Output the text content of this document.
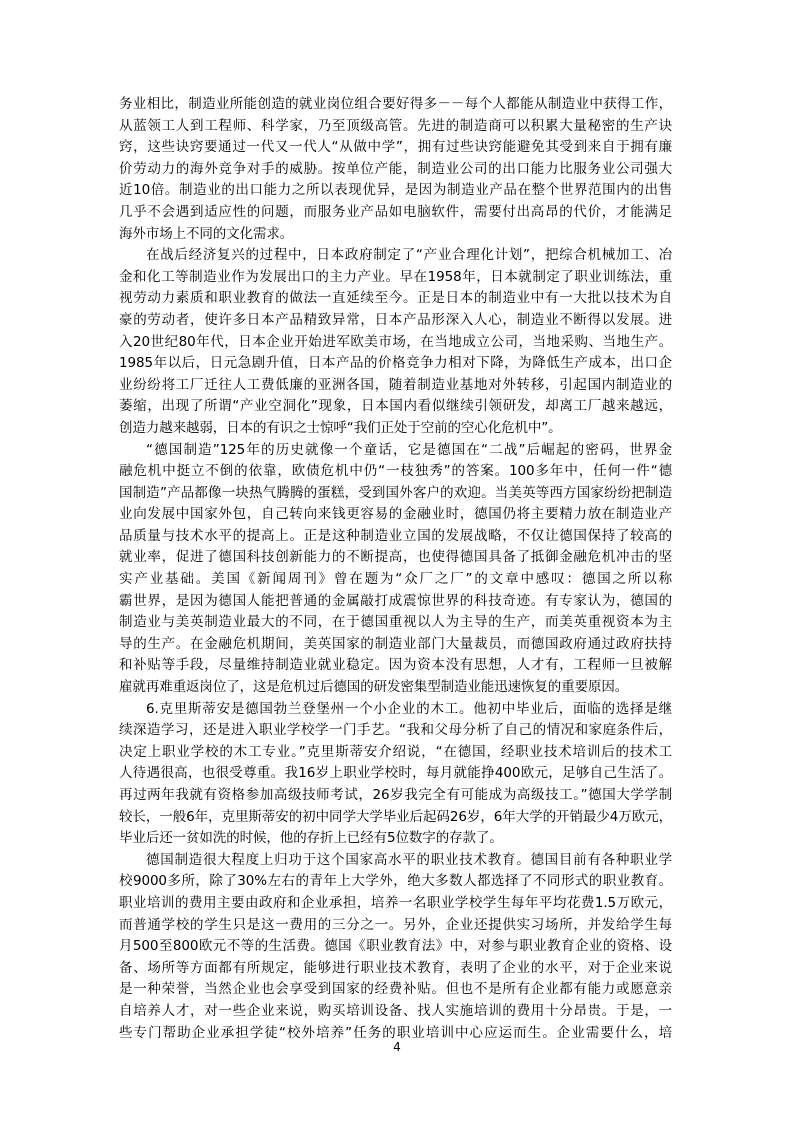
务业相比，制造业所能创造的就业岗位组合要好得多－－每个人都能从制造业中获得工作，
从蓝领工人到工程师、科学家，乃至顶级高管。先进的制造商可以积累大量秘密的生产诀
窍，这些诀窍要通过一代又一代人“从做中学”，拥有过些诀窍能避免其受到来自于拥有廉
价劳动力的海外竞争对手的威胁。按单位产能，制造业公司的出口能力比服务业公司强大
近10倍。制造业的出口能力之所以表现优异，是因为制造业产品在整个世界范围内的出售
几乎不会遇到适应性的问题，而服务业产品如电脑软件，需要付出高昂的代价，才能满足
海外市场上不同的文化需求。
在战后经济复兴的过程中，日本政府制定了“产业合理化计划”，把综合机械加工、冶
金和化工等制造业作为发展出口的主力产业。早在1958年，日本就制定了职业训练法，重
视劳动力素质和职业教育的做法一直延续至今。正是日本的制造业中有一大批以技术为自
豪的劳动者，使许多日本产品精致异常，日本产品形深入人心，制造业不断得以发展。进
入20世纪80年代，日本企业开始进军欧美市场，在当地成立公司，当地采购、当地生产。
1985年以后，日元急剧升值，日本产品的价格竞争力相对下降，为降低生产成本，出口企
业纷纷将工厂迁往人工费低廉的亚洲各国，随着制造业基地对外转移，引起国内制造业的
萎缩，出现了所谓“产业空洞化”现象，日本国内看似继续引领研发，却离工厂越来越远，
创造力越来越弱，日本的有识之士惊呼“我们正处于空前的空心化危机中”。
“德国制造”125年的历史就像一个童话，它是德国在“二战”后崛起的密码，世界金
融危机中挺立不倒的依靠，欧债危机中仍“一枝独秀”的答案。100多年中，任何一件“德
国制造”产品都像一块热气腾腾的蛋糕，受到国外客户的欢迎。当美英等西方国家纷纷把制造
业向发展中国家外包，自己转向来钱更容易的金融业时，德国仍将主要精力放在制造业产
品质量与技术水平的提高上。正是这种制造业立国的发展战略，不仅让德国保持了较高的
就业率，促进了德国科技创新能力的不断提高，也使得德国具备了抵御金融危机冲击的坚
实产业基础。美国《新闻周刊》曾在题为“众厂之厂”的文章中感叹：德国之所以称
霸世界，是因为德国人能把普通的金属敲打成震惊世界的科技奇迹。有专家认为，德国的
制造业与美英制造业最大的不同，在于德国重视以人为主导的生产，而美英重视资本为主
导的生产。在金融危机期间，美英国家的制造业部门大量裁员，而德国政府通过政府扶持
和补贴等手段，尽量维持制造业就业稳定。因为资本没有思想，人才有，工程师一旦被解
雇就再难重返岗位了，这是危机过后德国的研发密集型制造业能迅速恢复的重要原因。
6.克里斯蒂安是德国勃兰登堡州一个小企业的木工。他初中毕业后，面临的选择是继
续深造学习，还是进入职业学校学一门手艺。“我和父母分析了自己的情况和家庭条件后，
决定上职业学校的木工专业。”克里斯蒂安介绍说，“在德国，经职业技术培训后的技术工
人待遇很高，也很受尊重。我16岁上职业学校时，每月就能挣400欧元，足够自己生活了。
再过两年我就有资格参加高级技师考试，26岁我完全有可能成为高级技工。”德国大学学制
较长，一般6年，克里斯蒂安的初中同学大学毕业后起码26岁，6年大学的开销最少4万欧元，
毕业后还一贫如洗的时候，他的存折上已经有5位数字的存款了。
德国制造很大程度上归功于这个国家高水平的职业技术教育。德国目前有各种职业学
校9000多所，除了30%左右的青年上大学外，绝大多数人都选择了不同形式的职业教育。
职业培训的费用主要由政府和企业承担，培养一名职业学校学生每年平均花费1.5万欧元，
而普通学校的学生只是这一费用的三分之一。另外，企业还提供实习场所，并发给学生每
月500至800欧元不等的生活费。德国《职业教育法》中，对参与职业教育企业的资格、设
备、场所等方面都有所规定，能够进行职业技术教育，表明了企业的水平，对于企业来说
是一种荣誉，当然企业也会享受到国家的经费补贴。但也不是所有企业都有能力或愿意亲
自培养人才，对一些企业来说，购买培训设备、找人实施培训的费用十分昂贵。于是，一
些专门帮助企业承担学徒“校外培养”任务的职业培训中心应运而生。企业需要什么，培
4
